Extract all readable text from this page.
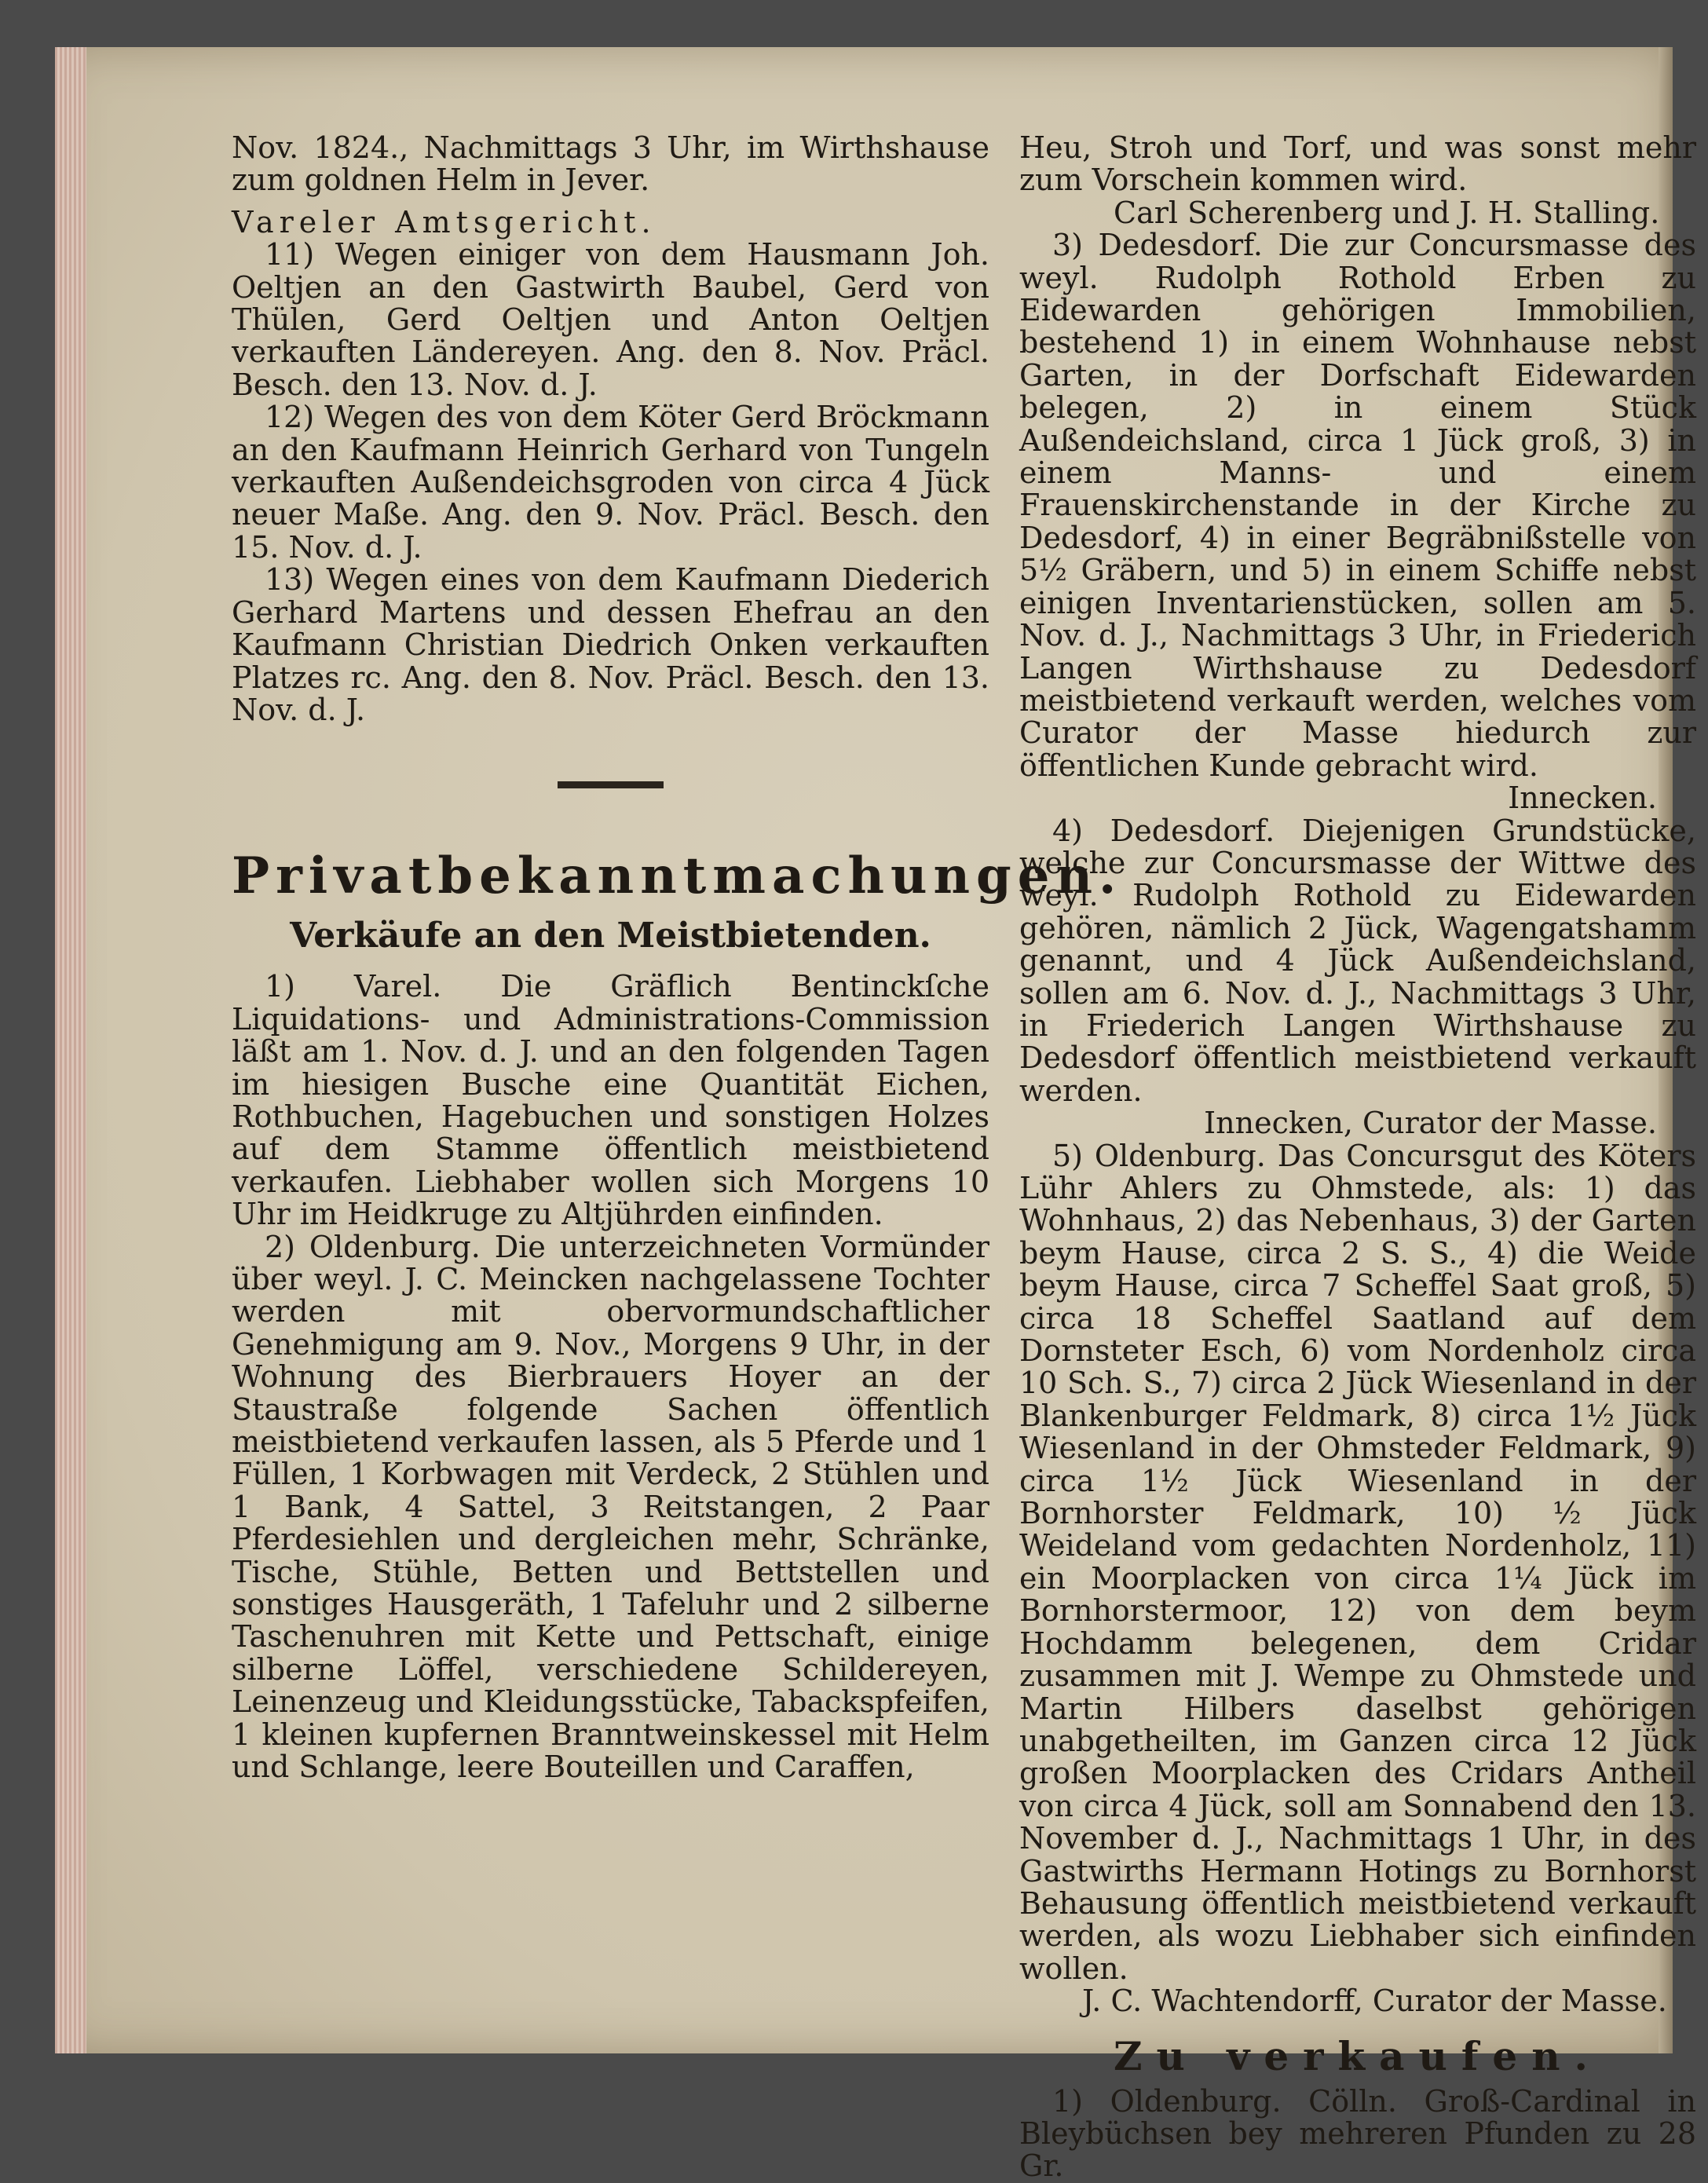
Nov. 1824., Nachmittags 3 Uhr, im Wirthshause zum goldnen Helm in Jever.

Vareler Amtsgericht.

11) Wegen einiger von dem Hausmann Joh. Oeltjen an den Gastwirth Baubel, Gerd von Thülen, Gerd Oeltjen und Anton Oeltjen verkauften Ländereyen. Ang. den 8. Nov. Präcl. Besch. den 13. Nov. d. J.

12) Wegen des von dem Köter Gerd Bröckmann an den Kaufmann Heinrich Gerhard von Tungeln verkauften Außendeichsgroden von circa 4 Jück neuer Maße. Ang. den 9. Nov. Präcl. Besch. den 15. Nov. d. J.

13) Wegen eines von dem Kaufmann Diederich Gerhard Martens und dessen Ehefrau an den Kaufmann Christian Diedrich Onken verkauften Platzes rc. Ang. den 8. Nov. Präcl. Besch. den 13. Nov. d. J.

Privatbekanntmachungen.

Verkäufe an den Meistbietenden.

1) Varel. Die Gräflich Bentinckſche Liquidations- und Administrations-Commission läßt am 1. Nov. d. J. und an den folgenden Tagen im hiesigen Busche eine Quantität Eichen, Rothbuchen, Hagebuchen und sonstigen Holzes auf dem Stamme öffentlich meistbietend verkaufen. Liebhaber wollen sich Morgens 10 Uhr im Heidkruge zu Altjührden einfinden.

2) Oldenburg. Die unterzeichneten Vormünder über weyl. J. C. Meincken nachgelassene Tochter werden mit obervormundschaftlicher Genehmigung am 9. Nov., Morgens 9 Uhr, in der Wohnung des Bierbrauers Hoyer an der Staustraße folgende Sachen öffentlich meistbietend verkaufen lassen, als 5 Pferde und 1 Füllen, 1 Korbwagen mit Verdeck, 2 Stühlen und 1 Bank, 4 Sattel, 3 Reitstangen, 2 Paar Pferdesiehlen und dergleichen mehr, Schränke, Tische, Stühle, Betten und Bettstellen und sonstiges Hausgeräth, 1 Tafeluhr und 2 silberne Taschenuhren mit Kette und Pettschaft, einige silberne Löffel, verschiedene Schildereyen, Leinenzeug und Kleidungsstücke, Tabackspfeifen, 1 kleinen kupfernen Branntweinskessel mit Helm und Schlange, leere Bouteillen und Caraffen,

Heu, Stroh und Torf, und was sonst mehr zum Vorschein kommen wird.

Carl Scherenberg und J. H. Stalling.

3) Dedesdorf. Die zur Concursmasse des weyl. Rudolph Rothold Erben zu Eidewarden gehörigen Immobilien, bestehend 1) in einem Wohnhause nebst Garten, in der Dorfschaft Eidewarden belegen, 2) in einem Stück Außendeichsland, circa 1 Jück groß, 3) in einem Manns- und einem Frauenskirchenstande in der Kirche zu Dedesdorf, 4) in einer Begräbnißstelle von 5½ Gräbern, und 5) in einem Schiffe nebst einigen Inventarienstücken, sollen am 5. Nov. d. J., Nachmittags 3 Uhr, in Friederich Langen Wirthshause zu Dedesdorf meistbietend verkauft werden, welches vom Curator der Masse hiedurch zur öffentlichen Kunde gebracht wird.

Innecken.

4) Dedesdorf. Diejenigen Grundstücke, welche zur Concursmasse der Wittwe des weyl. Rudolph Rothold zu Eidewarden gehören, nämlich 2 Jück, Wagengatshamm genannt, und 4 Jück Außendeichsland, sollen am 6. Nov. d. J., Nachmittags 3 Uhr, in Friederich Langen Wirthshause zu Dedesdorf öffentlich meistbietend verkauft werden.

Innecken, Curator der Masse.

5) Oldenburg. Das Concursgut des Köters Lühr Ahlers zu Ohmstede, als: 1) das Wohnhaus, 2) das Nebenhaus, 3) der Garten beym Hause, circa 2 S. S., 4) die Weide beym Hause, circa 7 Scheffel Saat groß, 5) circa 18 Scheffel Saatland auf dem Dornsteter Esch, 6) vom Nordenholz circa 10 Sch. S., 7) circa 2 Jück Wiesenland in der Blankenburger Feldmark, 8) circa 1½ Jück Wiesenland in der Ohmsteder Feldmark, 9) circa 1½ Jück Wiesenland in der Bornhorster Feldmark, 10) ½ Jück Weideland vom gedachten Nordenholz, 11) ein Moorplacken von circa 1¼ Jück im Bornhorstermoor, 12) von dem beym Hochdamm belegenen, dem Cridar zusammen mit J. Wempe zu Ohmstede und Martin Hilbers daselbst gehörigen unabgetheilten, im Ganzen circa 12 Jück großen Moorplacken des Cridars Antheil von circa 4 Jück, soll am Sonnabend den 13. November d. J., Nachmittags 1 Uhr, in des Gastwirths Hermann Hotings zu Bornhorst Behausung öffentlich meistbietend verkauft werden, als wozu Liebhaber sich einfinden wollen.

J. C. Wachtendorff, Curator der Masse.

Zu verkaufen.

1) Oldenburg. Cölln. Groß-Cardinal in Bleybüchsen bey mehreren Pfunden zu 28 Gr.
